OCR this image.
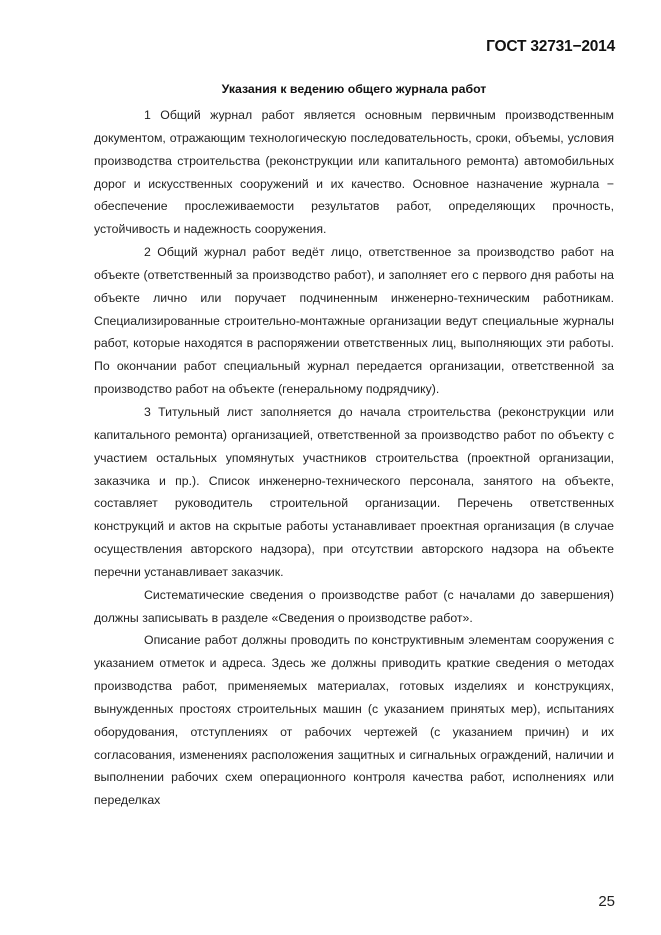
ГОСТ 32731−2014
Указания к ведению общего журнала работ

1 Общий журнал работ является основным первичным производственным документом, отражающим технологическую последовательность, сроки, объемы, условия производства строительства (реконструкции или капитального ремонта) автомобильных дорог и искусственных сооружений и их качество. Основное назначение журнала − обеспечение прослеживаемости результатов работ, определяющих прочность, устойчивость и надежность сооружения.

2 Общий журнал работ ведёт лицо, ответственное за производство работ на объекте (ответственный за производство работ), и заполняет его с первого дня работы на объекте лично или поручает подчиненным инженерно-техническим работникам. Специализированные строительно-монтажные организации ведут специальные журналы работ, которые находятся в распоряжении ответственных лиц, выполняющих эти работы. По окончании работ специальный журнал передается организации, ответственной за производство работ на объекте (генеральному подрядчику).

3 Титульный лист заполняется до начала строительства (реконструкции или капитального ремонта) организацией, ответственной за производство работ по объекту с участием остальных упомянутых участников строительства (проектной организации, заказчика и пр.). Список инженерно-технического персонала, занятого на объекте, составляет руководитель строительной организации. Перечень ответственных конструкций и актов на скрытые работы устанавливает проектная организация (в случае осуществления авторского надзора), при отсутствии авторского надзора на объекте перечни устанавливает заказчик.

Систематические сведения о производстве работ (с началами до завершения) должны записывать в разделе «Сведения о производстве работ».

Описание работ должны проводить по конструктивным элементам сооружения с указанием отметок и адреса. Здесь же должны приводить краткие сведения о методах производства работ, применяемых материалах, готовых изделиях и конструкциях, вынужденных простоях строительных машин (с указанием принятых мер), испытаниях оборудования, отступлениях от рабочих чертежей (с указанием причин) и их согласования, изменениях расположения защитных и сигнальных ограждений, наличии и выполнении рабочих схем операционного контроля качества работ, исполнениях или переделках

25
